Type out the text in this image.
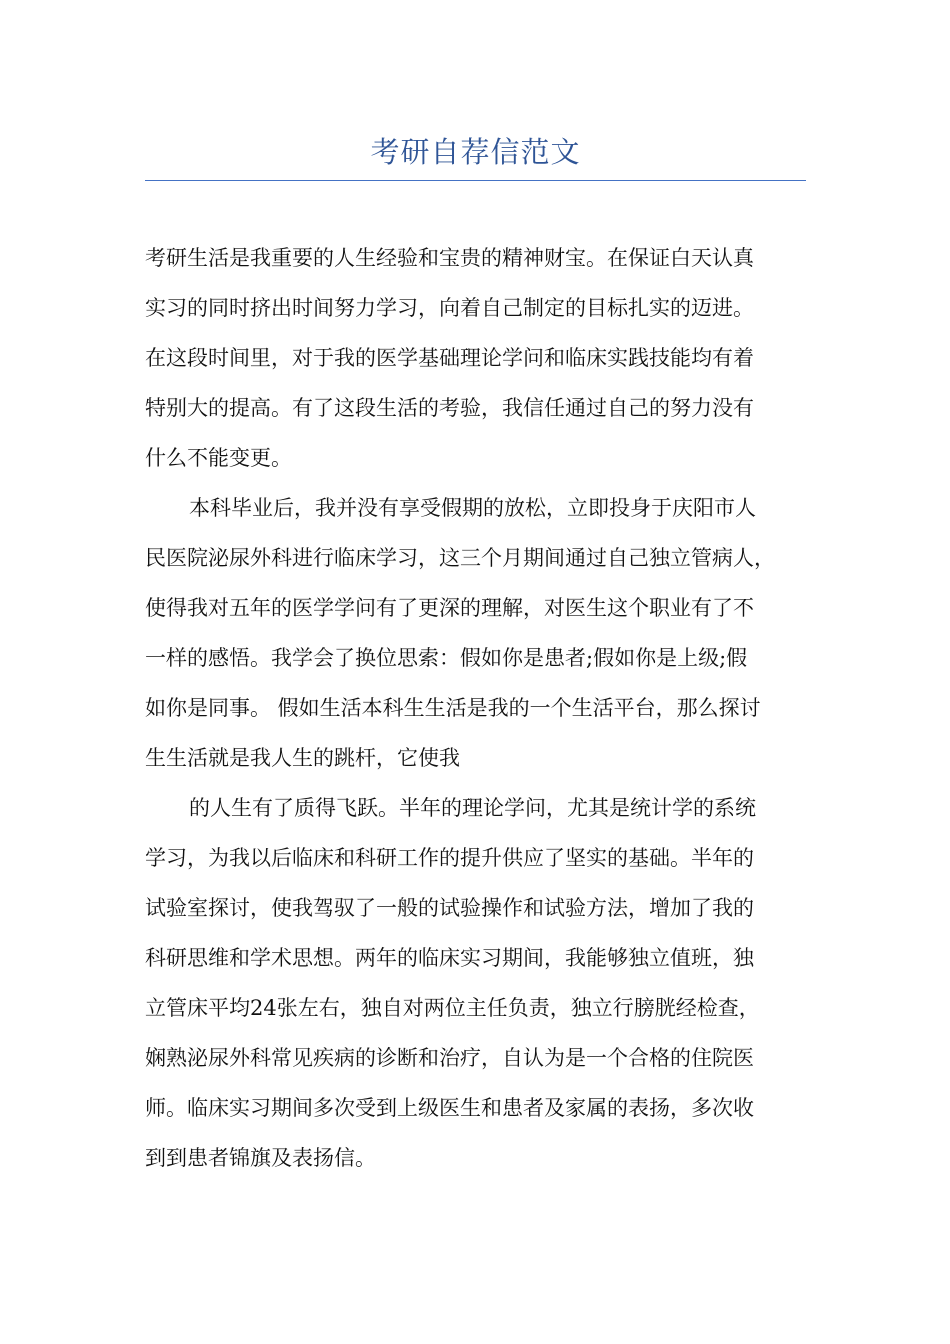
考研自荐信范文
考研生活是我重要的人生经验和宝贵的精神财宝。在保证白天认真
实习的同时挤出时间努力学习，向着自己制定的目标扎实的迈进。
在这段时间里，对于我的医学基础理论学问和临床实践技能均有着
特别大的提高。有了这段生活的考验，我信任通过自己的努力没有
什么不能变更。
本科毕业后，我并没有享受假期的放松，立即投身于庆阳市人
民医院泌尿外科进行临床学习，这三个月期间通过自己独立管病人，
使得我对五年的医学学问有了更深的理解，对医生这个职业有了不
一样的感悟。我学会了换位思索：假如你是患者;假如你是上级;假
如你是同事。 假如生活本科生生活是我的一个生活平台，那么探讨
生生活就是我人生的跳杆，它使我
的人生有了质得飞跃。半年的理论学问，尤其是统计学的系统
学习，为我以后临床和科研工作的提升供应了坚实的基础。半年的
试验室探讨，使我驾驭了一般的试验操作和试验方法，增加了我的
科研思维和学术思想。两年的临床实习期间，我能够独立值班，独
立管床平均24张左右，独自对两位主任负责，独立行膀胱经检查，
娴熟泌尿外科常见疾病的诊断和治疗，自认为是一个合格的住院医
师。临床实习期间多次受到上级医生和患者及家属的表扬，多次收
到到患者锦旗及表扬信。
